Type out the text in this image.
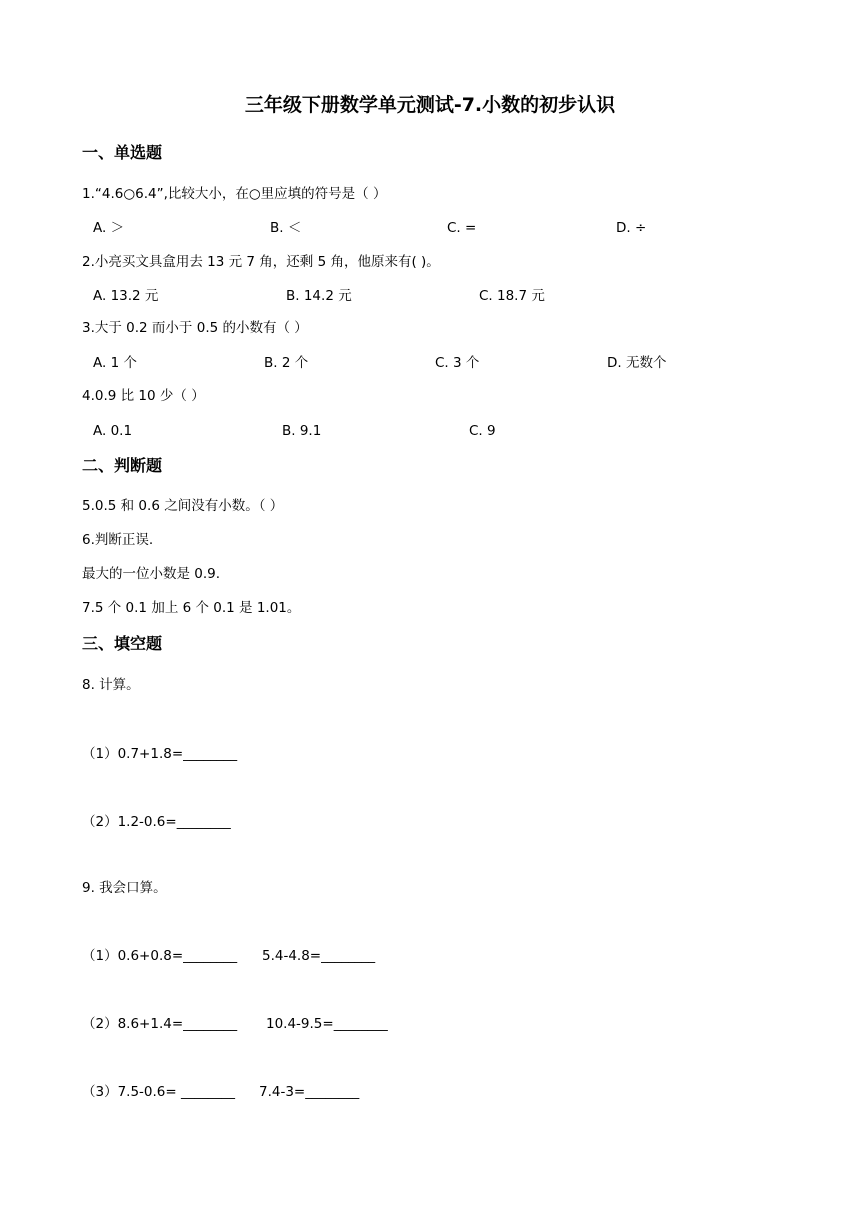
三年级下册数学单元测试-7.小数的初步认识
一、单选题
1.“4.6○6.4”,比较大小，在○里应填的符号是（ ）
A. ＞	B. ＜	C. =	D. ÷
2.小亮买文具盒用去 13 元 7 角，还剩 5 角，他原来有( )。
A. 13.2 元	B. 14.2 元	C. 18.7 元
3.大于 0.2 而小于 0.5 的小数有（ ）
A. 1 个	B. 2 个	C. 3 个	D. 无数个
4.0.9 比 10 少（ ）
A. 0.1	B. 9.1	C. 9
二、判断题
5.0.5 和 0.6 之间没有小数。（ ）
6.判断正误.
最大的一位小数是 0.9.
7.5 个 0.1 加上 6 个 0.1 是 1.01。
三、填空题
8. 计算。
（1）0.7+1.8=________
（2）1.2-0.6=________
9. 我会口算。
（1）0.6+0.8=________ 5.4-4.8=________
（2）8.6+1.4=________ 10.4-9.5=________
（3）7.5-0.6= ________ 7.4-3=________
